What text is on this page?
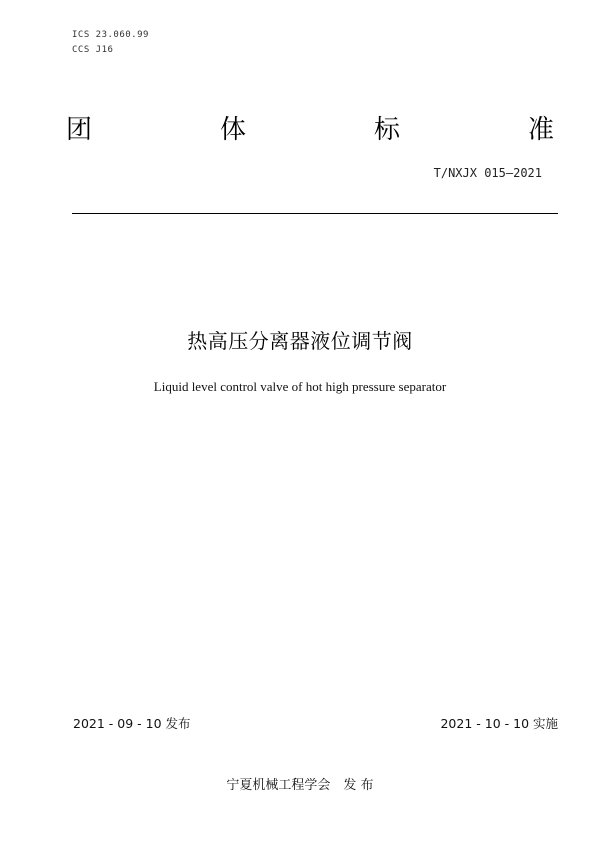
ICS 23.060.99
CCS J16
团	体	标	准
T/NXJX 015—2021
热高压分离器液位调节阀
Liquid level control valve of hot high pressure separator
2021 - 09 - 10 发布	2021 - 10 - 10 实施
宁夏机械工程学会　发 布
